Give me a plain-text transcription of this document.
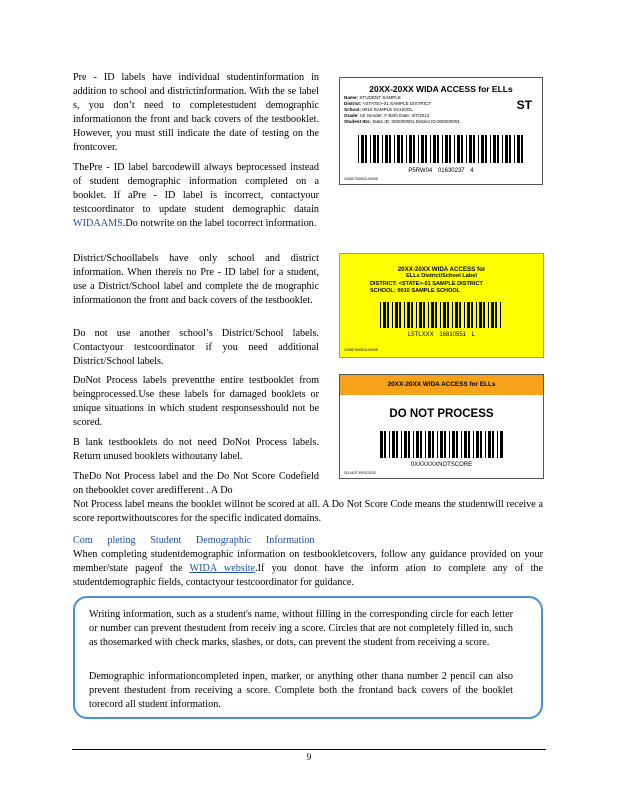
Pre - ID labels have individual studentinformation in addition to school and districtinformation. With the se label s, you don’t need to completestudent demographic informationon the front and back covers of the testbooklet. However, you must still indicate the date of testing on the frontcover.

ThePre - ID label barcodewill always beprocessed instead of student demographic information completed on a booklet. If aPre - ID label is incorrect, contactyour testcoordinator to update student demographic datain WIDAAMS.Do notwrite on the label tocorrect information.

District/Schoollabels have only school and district information. When thereis no Pre - ID label for a student, use a District/School label and complete the de mographic informationon the front and back covers of the testbooklet.

Do not use another school’s District/School labels. Contactyour testcoordinator if you need additional District/School labels.

DoNot Process labels preventthe entire testbooklet from beingprocessed.Use these labels for damaged booklets or unique situations in which student responsesshould not be scored.

B lank testbooklets do not need DoNot Process labels. Return unused booklets withoutany label.

TheDo Not Process label and the Do Not Score Codefield on thebooklet cover aredifferent . A Do

Not Process label means the booklet willnot be scored at all. A Do Not Score Code means the studentwill receive a score reportwithoutscores for the specific indicated domains.

Com pleting Student Demographic Information

When completing studentdemographic information on testbookletcovers, follow any guidance provided on your member/state pageof the WIDA website.If you donot have the inform ation to complete any of the studentdemographic fields, contactyour testcoordinator for guidance.

Writing information, such as a student's name, without filling in the corresponding circle for each letter or number can prevent thestudent from receiv ing a score. Circles that are not completely filled in, such as thosemarked with check marks, slashes, or dots, can prevent the student from receiving a score.

Demographic informationcompleted inpen, marker, or anything other thana number 2 pencil can also prevent thestudent from receiving a score. Complete both the frontand back covers of the booklet torecord all student information.

20XX-20XX WIDA ACCESS for ELLs
Name: STUDENT SAMPLE
District: <STATE>-01 SAMPLE DISTRICT
School: 0010 SAMPLE SCHOOL
Grade: 02 Gender: F Birth Date: 4/7/2012
Student IDs: State ID: 000000001 District ID:000000001
ST
P5RW04 01630237 4
1008174000OL00005
20XX-20XX WIDA ACCESS for
ELLs District/School Label
DISTRICT: <STATE>-01 SAMPLE DISTRICT
SCHOOL: 0010 SAMPLE SCHOOL
L5TLXXX 16810551 L
1008174000OL00005
20XX-20XX WIDA ACCESS for ELLs
DO NOT PROCESS
0XXXXXXNOTSCORE
DO-NOT-PROCESS
9
